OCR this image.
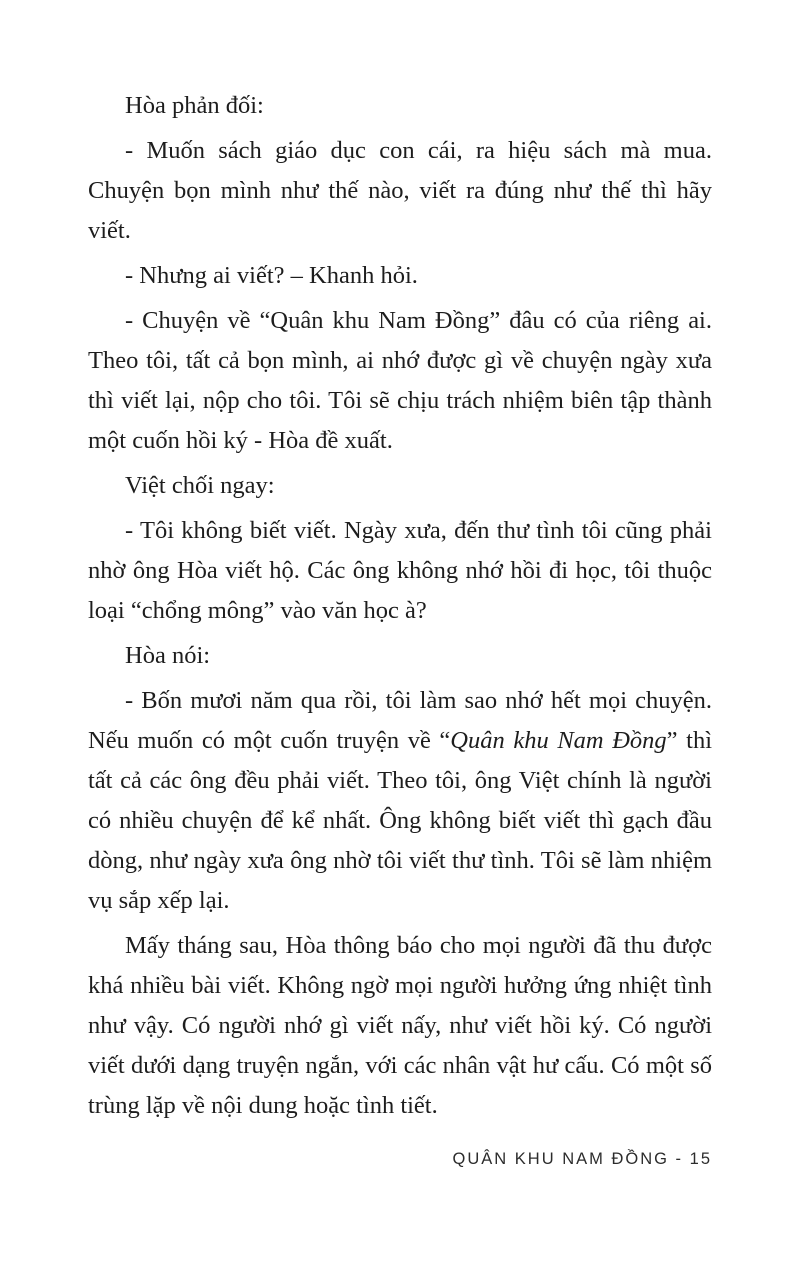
Hòa phản đối:

- Muốn sách giáo dục con cái, ra hiệu sách mà mua. Chuyện bọn mình như thế nào, viết ra đúng như thế thì hãy viết.

- Nhưng ai viết? – Khanh hỏi.

- Chuyện về “Quân khu Nam Đồng” đâu có của riêng ai. Theo tôi, tất cả bọn mình, ai nhớ được gì về chuyện ngày xưa thì viết lại, nộp cho tôi. Tôi sẽ chịu trách nhiệm biên tập thành một cuốn hồi ký - Hòa đề xuất.

Việt chối ngay:

- Tôi không biết viết. Ngày xưa, đến thư tình tôi cũng phải nhờ ông Hòa viết hộ. Các ông không nhớ hồi đi học, tôi thuộc loại “chổng mông” vào văn học à?

Hòa nói:

- Bốn mươi năm qua rồi, tôi làm sao nhớ hết mọi chuyện. Nếu muốn có một cuốn truyện về “Quân khu Nam Đồng” thì tất cả các ông đều phải viết. Theo tôi, ông Việt chính là người có nhiều chuyện để kể nhất. Ông không biết viết thì gạch đầu dòng, như ngày xưa ông nhờ tôi viết thư tình. Tôi sẽ làm nhiệm vụ sắp xếp lại.

Mấy tháng sau, Hòa thông báo cho mọi người đã thu được khá nhiều bài viết. Không ngờ mọi người hưởng ứng nhiệt tình như vậy. Có người nhớ gì viết nấy, như viết hồi ký. Có người viết dưới dạng truyện ngắn, với các nhân vật hư cấu. Có một số trùng lặp về nội dung hoặc tình tiết.

QUÂN KHU NAM ĐỒNG - 15
